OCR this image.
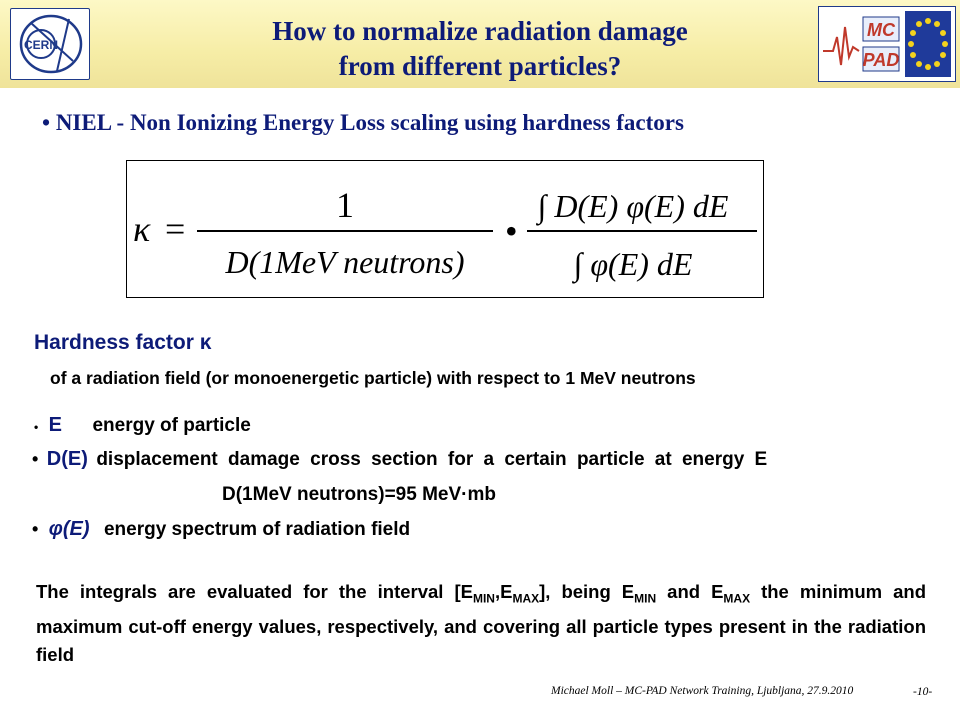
CERN	How to normalize radiation damage
from different particles?
MC
PAD
• NIEL - Non Ionizing Energy Loss scaling using hardness factors
κ =
1
D(1MeV neutrons)
•
∫ D(E) φ(E) dE
∫ φ(E) dE
Hardness factor κ
of a radiation field (or monoenergetic particle) with respect to 1 MeV neutrons
• E energy of particle
• D(E) displacement damage cross section for a certain particle at energy E
D(1MeV neutrons)=95 MeV·mb
• φ(E) energy spectrum of radiation field
The integrals are evaluated for the interval $[E_{MIN},E_{MAX}]$, being $E_{MIN}$ and $E_{MAX}$ the minimum and maximum cut-off energy values, respectively, and covering all particle types present in the radiation field
Michael Moll – MC-PAD Network Training, Ljubljana, 27.9.2010	-10-
